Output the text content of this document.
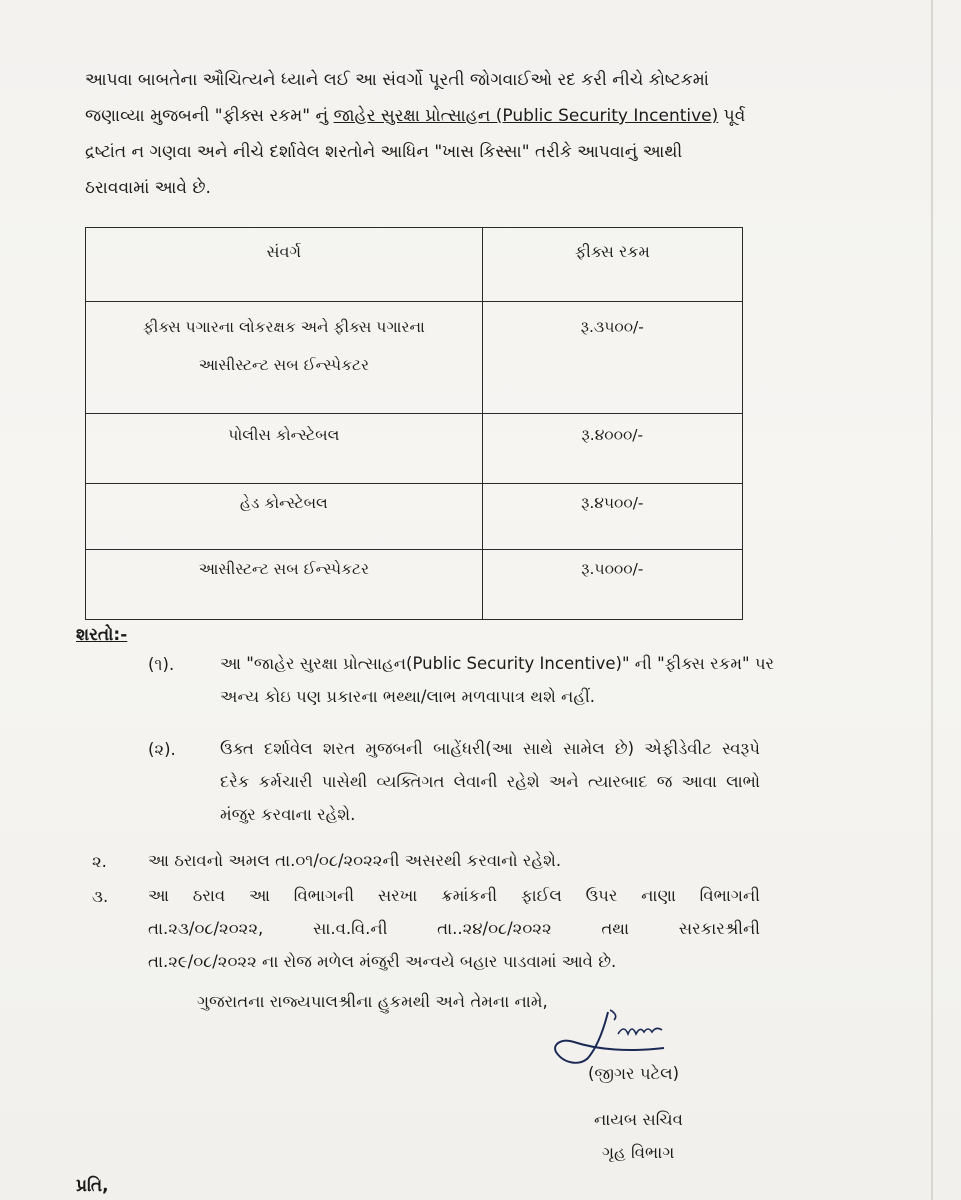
આપવા બાબતેના ઔચિત્યને ધ્યાને લઈ આ સંવર્ગો પૂરતી જોગવાઈઓ રદ કરી નીચે કોષ્ટકમાં
જણાવ્યા મુજબની "ફીક્સ રકમ" નું જાહેર સુરક્ષા પ્રોત્સાહન (Public Security Incentive) પૂર્વ
દ્રષ્ટાંત ન ગણવા અને નીચે દર્શાવેલ શરતોને આધિન "ખાસ કિસ્સા" તરીકે આપવાનું આથી
ઠરાવવામાં આવે છે.
સંવર્ગ	ફીક્સ રકમ

ફીક્સ પગારના લોકરક્ષક અને ફીક્સ પગારના
આસીસ્ટન્ટ સબ ઈન્સ્પેકટર	રૂ.૩૫૦૦/-
પોલીસ કોન્સ્ટેબલ	રૂ.૪૦૦૦/-
હેડ કોન્સ્ટેબલ	રૂ.૪૫૦૦/-
આસીસ્ટન્ટ સબ ઈન્સ્પેકટર	રૂ.૫૦૦૦/-
શરતો:-
(૧).	આ "જાહેર સુરક્ષા પ્રોત્સાહન(Public Security Incentive)" ની "ફીક્સ રકમ" પર
અન્ય કોઇ પણ પ્રકારના ભથ્થા/લાભ મળવાપાત્ર થશે નહીં.
(૨).	ઉક્ત દર્શાવેલ શરત મુજબની બાહેંધરી(આ સાથે સામેલ છે) એફીડેવીટ સ્વરૂપે
દરેક કર્મચારી પાસેથી વ્યક્તિગત લેવાની રહેશે અને ત્યારબાદ જ આવા લાભો
મંજુર કરવાના રહેશે.
૨. આ ઠરાવનો અમલ તા.૦૧/૦૮/૨૦૨૨ની અસરથી કરવાનો રહેશે.
૩. આ ઠરાવ આ વિભાગની સરખા ક્રમાંકની ફાઈલ ઉપર નાણા વિભાગની
તા.૨૩/૦૮/૨૦૨૨, સા.વ.વિ.ની તા..૨૪/૦૮/૨૦૨૨ તથા સરકારશ્રીની
તા.૨૯/૦૮/૨૦૨૨ ના રોજ મળેલ મંજુરી અન્વયે બહાર પાડવામાં આવે છે.
ગુજરાતના રાજ્યપાલશ્રીના હુકમથી અને તેમના નામે,
(જીગર પટેલ)
નાયબ સચિવ
ગૃહ વિભાગ
પ્રતિ,
